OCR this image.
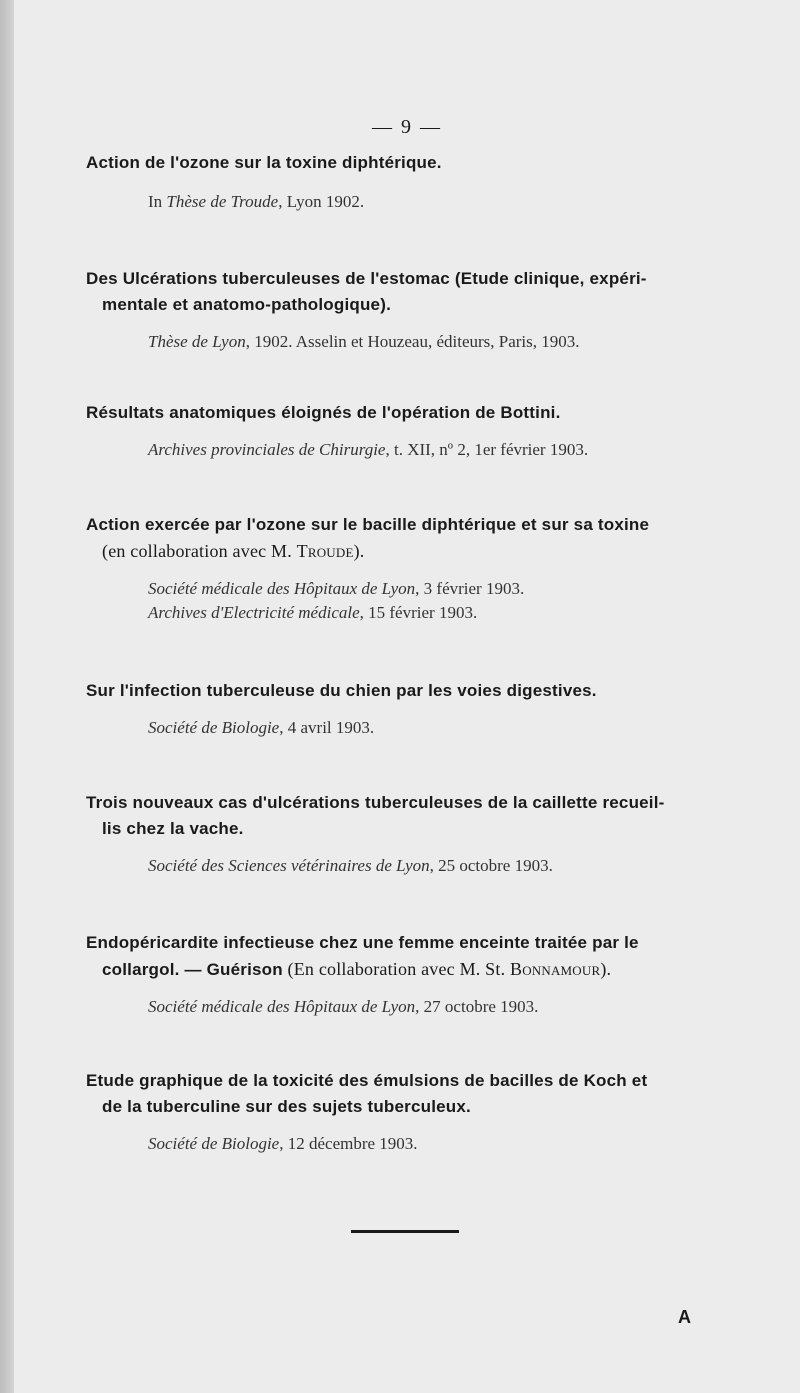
— 9 —
Action de l'ozone sur la toxine diphtérique.
In Thèse de Troude, Lyon 1902.
Des Ulcérations tuberculeuses de l'estomac (Etude clinique, expéri-
mentale et anatomo-pathologique).
Thèse de Lyon, 1902. Asselin et Houzeau, éditeurs, Paris, 1903.
Résultats anatomiques éloignés de l'opération de Bottini.
Archives provinciales de Chirurgie, t. XII, nº 2, 1er février 1903.
Action exercée par l'ozone sur le bacille diphtérique et sur sa toxine
(en collaboration avec M. Troude).
Société médicale des Hôpitaux de Lyon, 3 février 1903.
Archives d'Electricité médicale, 15 février 1903.
Sur l'infection tuberculeuse du chien par les voies digestives.
Société de Biologie, 4 avril 1903.
Trois nouveaux cas d'ulcérations tuberculeuses de la caillette recueil-
lis chez la vache.
Société des Sciences vétérinaires de Lyon, 25 octobre 1903.
Endopéricardite infectieuse chez une femme enceinte traitée par le
collargol. — Guérison (En collaboration avec M. St. Bonnamour).
Société médicale des Hôpitaux de Lyon, 27 octobre 1903.
Etude graphique de la toxicité des émulsions de bacilles de Koch et
de la tuberculine sur des sujets tuberculeux.
Société de Biologie, 12 décembre 1903.
A
